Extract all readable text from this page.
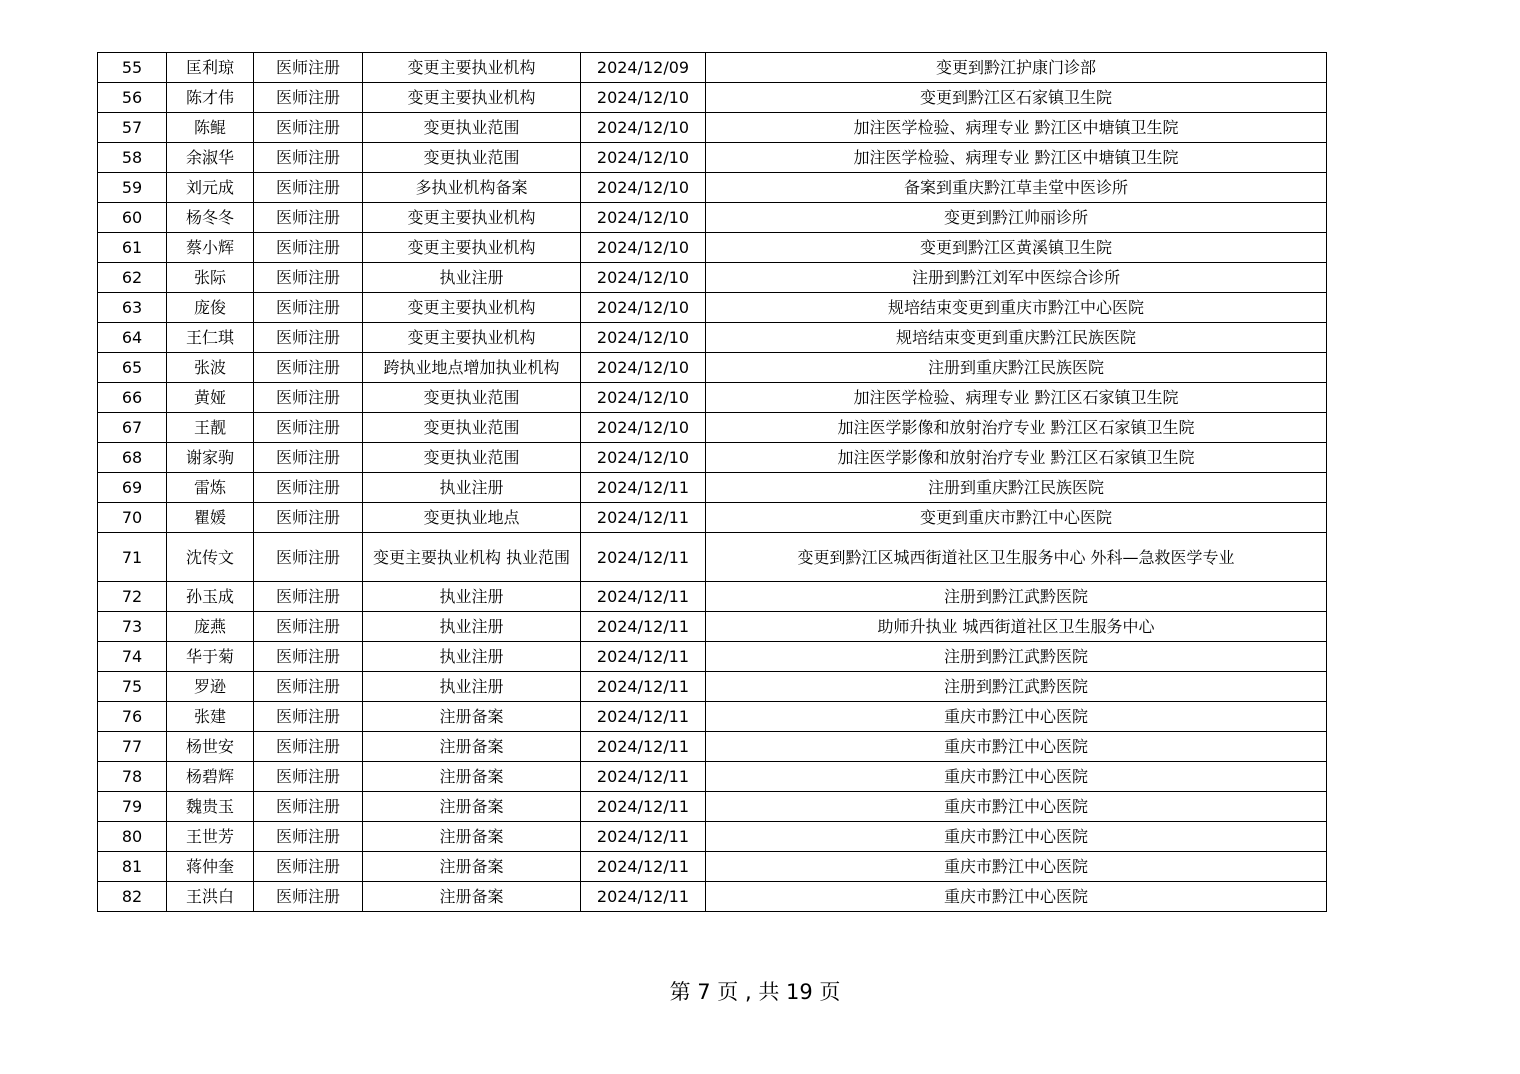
55	匡利琼	医师注册	变更主要执业机构	2024/12/09	变更到黔江护康门诊部
56	陈才伟	医师注册	变更主要执业机构	2024/12/10	变更到黔江区石家镇卫生院
57	陈鲲	医师注册	变更执业范围	2024/12/10	加注医学检验、病理专业 黔江区中塘镇卫生院
58	余淑华	医师注册	变更执业范围	2024/12/10	加注医学检验、病理专业 黔江区中塘镇卫生院
59	刘元成	医师注册	多执业机构备案	2024/12/10	备案到重庆黔江草圭堂中医诊所
60	杨冬冬	医师注册	变更主要执业机构	2024/12/10	变更到黔江帅丽诊所
61	蔡小辉	医师注册	变更主要执业机构	2024/12/10	变更到黔江区黄溪镇卫生院
62	张际	医师注册	执业注册	2024/12/10	注册到黔江刘军中医综合诊所
63	庞俊	医师注册	变更主要执业机构	2024/12/10	规培结束变更到重庆市黔江中心医院
64	王仁琪	医师注册	变更主要执业机构	2024/12/10	规培结束变更到重庆黔江民族医院
65	张波	医师注册	跨执业地点增加执业机构	2024/12/10	注册到重庆黔江民族医院
66	黄娅	医师注册	变更执业范围	2024/12/10	加注医学检验、病理专业 黔江区石家镇卫生院
67	王靓	医师注册	变更执业范围	2024/12/10	加注医学影像和放射治疗专业 黔江区石家镇卫生院
68	谢家驹	医师注册	变更执业范围	2024/12/10	加注医学影像和放射治疗专业 黔江区石家镇卫生院
69	雷炼	医师注册	执业注册	2024/12/11	注册到重庆黔江民族医院
70	瞿媛	医师注册	变更执业地点	2024/12/11	变更到重庆市黔江中心医院
71	沈传文	医师注册	变更主要执业机构 执业范围	2024/12/11	变更到黔江区城西街道社区卫生服务中心 外科—急救医学专业
72	孙玉成	医师注册	执业注册	2024/12/11	注册到黔江武黔医院
73	庞燕	医师注册	执业注册	2024/12/11	助师升执业 城西街道社区卫生服务中心
74	华于菊	医师注册	执业注册	2024/12/11	注册到黔江武黔医院
75	罗逊	医师注册	执业注册	2024/12/11	注册到黔江武黔医院
76	张建	医师注册	注册备案	2024/12/11	重庆市黔江中心医院
77	杨世安	医师注册	注册备案	2024/12/11	重庆市黔江中心医院
78	杨碧辉	医师注册	注册备案	2024/12/11	重庆市黔江中心医院
79	魏贵玉	医师注册	注册备案	2024/12/11	重庆市黔江中心医院
80	王世芳	医师注册	注册备案	2024/12/11	重庆市黔江中心医院
81	蒋仲奎	医师注册	注册备案	2024/12/11	重庆市黔江中心医院
82	王洪白	医师注册	注册备案	2024/12/11	重庆市黔江中心医院
第 7 页 , 共 19 页
